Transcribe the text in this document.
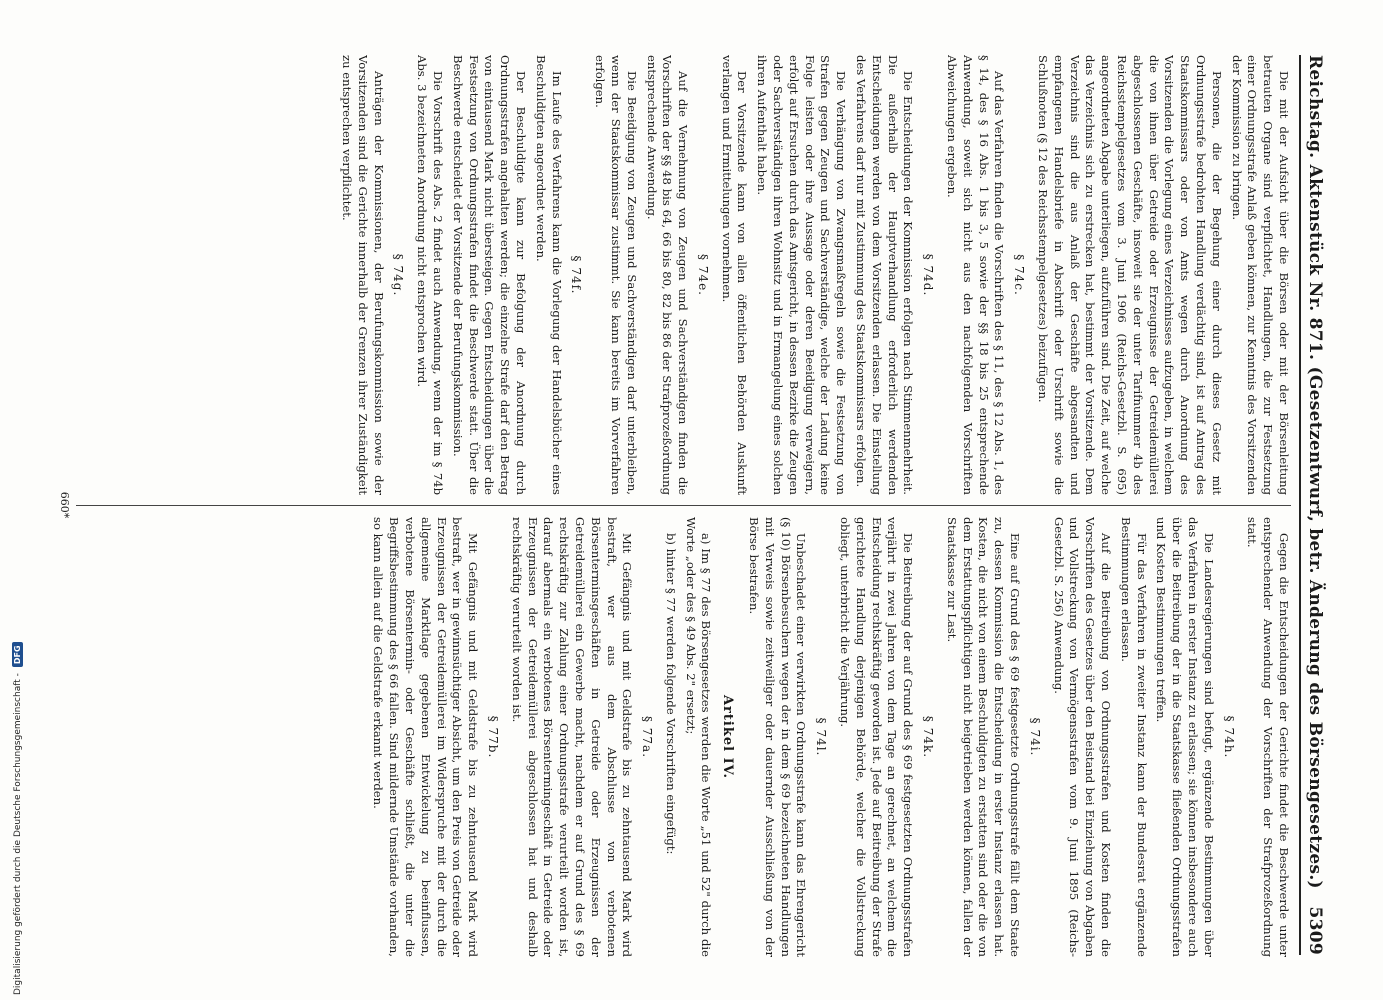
Reichstag. Aktenstück Nr. 871. (Gesetzentwurf, betr. Änderung des Börsengesetzes.)
5309

Die mit der Aufsicht über die Börsen oder mit der Börsenleitung betrauten Organe sind verpflichtet, Handlungen, die zur Festsetzung einer Ordnungsstrafe Anlaß geben können, zur Kenntnis des Vorsitzenden der Kommission zu bringen.

Personen, die der Begehung einer durch dieses Gesetz mit Ordnungsstrafe bedrohten Handlung verdächtig sind, ist auf Antrag des Staatskommissars oder von Amts wegen durch Anordnung des Vorsitzenden die Vorlegung eines Verzeichnisses aufzugeben, in welchem die von ihnen über Getreide oder Erzeugnisse der Getreidemüllerei abgeschlossenen Geschäfte, insoweit sie der unter Tarifnummer 4b des Reichsstempelgesetzes vom 3. Juni 1906 (Reichs-Gesetzbl. S. 695) angeordneten Abgabe unterliegen, aufzuführen sind. Die Zeit, auf welche das Verzeichnis sich zu erstrecken hat, bestimmt der Vorsitzende. Dem Verzeichnis sind die aus Anlaß der Geschäfte abgesandten und empfangenen Handelsbriefe in Abschrift oder Urschrift sowie die Schlußnoten (§ 12 des Reichsstempelgesetzes) beizufügen.

§ 74c.

Auf das Verfahren finden die Vorschriften des § 11, des § 12 Abs. 1, des § 14, des § 16 Abs. 1 bis 3, 5 sowie der §§ 18 bis 25 entsprechende Anwendung, soweit sich nicht aus den nachfolgenden Vorschriften Abweichungen ergeben.

§ 74d.

Die Entscheidungen der Kommission erfolgen nach Stimmenmehrheit. Die außerhalb der Hauptverhandlung erforderlich werdenden Entscheidungen werden von dem Vorsitzenden erlassen. Die Einstellung des Verfahrens darf nur mit Zustimmung des Staatskommissars erfolgen.

Die Verhängung von Zwangsmaßregeln sowie die Festsetzung von Strafen gegen Zeugen und Sachverständige, welche der Ladung keine Folge leisten oder ihre Aussage oder deren Beeidigung verweigern, erfolgt auf Ersuchen durch das Amtsgericht, in dessen Bezirke die Zeugen oder Sachverständigen ihren Wohnsitz und in Ermangelung eines solchen ihren Aufenthalt haben.

Der Vorsitzende kann von allen öffentlichen Behörden Auskunft verlangen und Ermittelungen vornehmen.

§ 74e.

Auf die Vernehmung von Zeugen und Sachverständigen finden die Vorschriften der §§ 48 bis 64, 66 bis 80, 82 bis 86 der Strafprozeßordnung entsprechende Anwendung.

Die Beeidigung von Zeugen und Sachverständigen darf unterbleiben, wenn der Staatskommissar zustimmt. Sie kann bereits im Vorverfahren erfolgen.

§ 74f.

Im Laufe des Verfahrens kann die Vorlegung der Handelsbücher eines Beschuldigten angeordnet werden.

Der Beschuldigte kann zur Befolgung der Anordnung durch Ordnungsstrafen angehalten werden; die einzelne Strafe darf den Betrag von eintausend Mark nicht übersteigen. Gegen Entscheidungen über die Festsetzung von Ordnungsstrafen findet die Beschwerde statt. Über die Beschwerde entscheidet der Vorsitzende der Berufungskommission.

Die Vorschrift des Abs. 2 findet auch Anwendung, wenn der im § 74b Abs. 3 bezeichneten Anordnung nicht entsprochen wird.

§ 74g.

Anträgen der Kommissionen, der Berufungskommission sowie der Vorsitzenden sind die Gerichte innerhalb der Grenzen ihrer Zuständigkeit zu entsprechen verpflichtet.

Gegen die Entscheidungen der Gerichte findet die Beschwerde unter entsprechender Anwendung der Vorschriften der Strafprozeßordnung statt.

§ 74h.

Die Landesregierungen sind befugt, ergänzende Bestimmungen über das Verfahren in erster Instanz zu erlassen; sie können insbesondere auch über die Beitreibung der in die Staatskasse fließenden Ordnungsstrafen und Kosten Bestimmungen treffen.

Für das Verfahren in zweiter Instanz kann der Bundesrat ergänzende Bestimmungen erlassen.

Auf die Beitreibung von Ordnungsstrafen und Kosten finden die Vorschriften des Gesetzes über den Beistand bei Einziehung von Abgaben und Vollstreckung von Vermögensstrafen vom 9. Juni 1895 (Reichs-Gesetzbl. S. 256) Anwendung.

§ 74i.

Eine auf Grund des § 69 festgesetzte Ordnungsstrafe fällt dem Staate zu, dessen Kommission die Entscheidung in erster Instanz erlassen hat. Kosten, die nicht von einem Beschuldigten zu erstatten sind oder die von dem Erstattungspflichtigen nicht beigetrieben werden können, fallen der Staatskasse zur Last.

§ 74k.

Die Beitreibung der auf Grund des § 69 festgesetzten Ordnungsstrafen verjährt in zwei Jahren von dem Tage an gerechnet, an welchem die Entscheidung rechtskräftig geworden ist. Jede auf Beitreibung der Strafe gerichtete Handlung derjenigen Behörde, welcher die Vollstreckung obliegt, unterbricht die Verjährung.

§ 74l.

Unbeschadet einer verwirkten Ordnungsstrafe kann das Ehrengericht (§ 10) Börsenbesuchern wegen der in dem § 69 bezeichneten Handlungen mit Verweis sowie zeitweiliger oder dauernder Ausschließung von der Börse bestrafen.

Artikel IV.

a) Im § 77 des Börsengesetzes werden die Worte „51 und 52" durch die Worte „oder des § 49 Abs. 2" ersetzt;

b) hinter § 77 werden folgende Vorschriften eingefügt:

§ 77a.

Mit Gefängnis und mit Geldstrafe bis zu zehntausend Mark wird bestraft, wer aus dem Abschlusse von verbotenen Börsenterminsgeschäften in Getreide oder Erzeugnissen der Getreidemüllerei ein Gewerbe macht, nachdem er auf Grund des § 69 rechtskräftig zur Zahlung einer Ordnungsstrafe verurteilt worden ist, darauf abermals ein verbotenes Börsentermingeschäft in Getreide oder Erzeugnissen der Getreidemüllerei abgeschlossen hat und deshalb rechtskräftig verurteilt worden ist.

§ 77b.

Mit Gefängnis und mit Geldstrafe bis zu zehntausend Mark wird bestraft, wer in gewinnsüchtiger Absicht, um den Preis von Getreide oder Erzeugnissen der Getreidemüllerei im Widerspruche mit der durch die allgemeine Marktlage gegebenen Entwickelung zu beeinflussen, verbotene Börsentermin- oder Geschäfte schließt, die unter die Begriffsbestimmung des § 66 fallen. Sind mildernde Umstände vorhanden, so kann allein auf die Geldstrafe erkannt werden.

660*
Digitalisierung gefördert durch die Deutsche Forschungsgemeinschaft -
DFG
